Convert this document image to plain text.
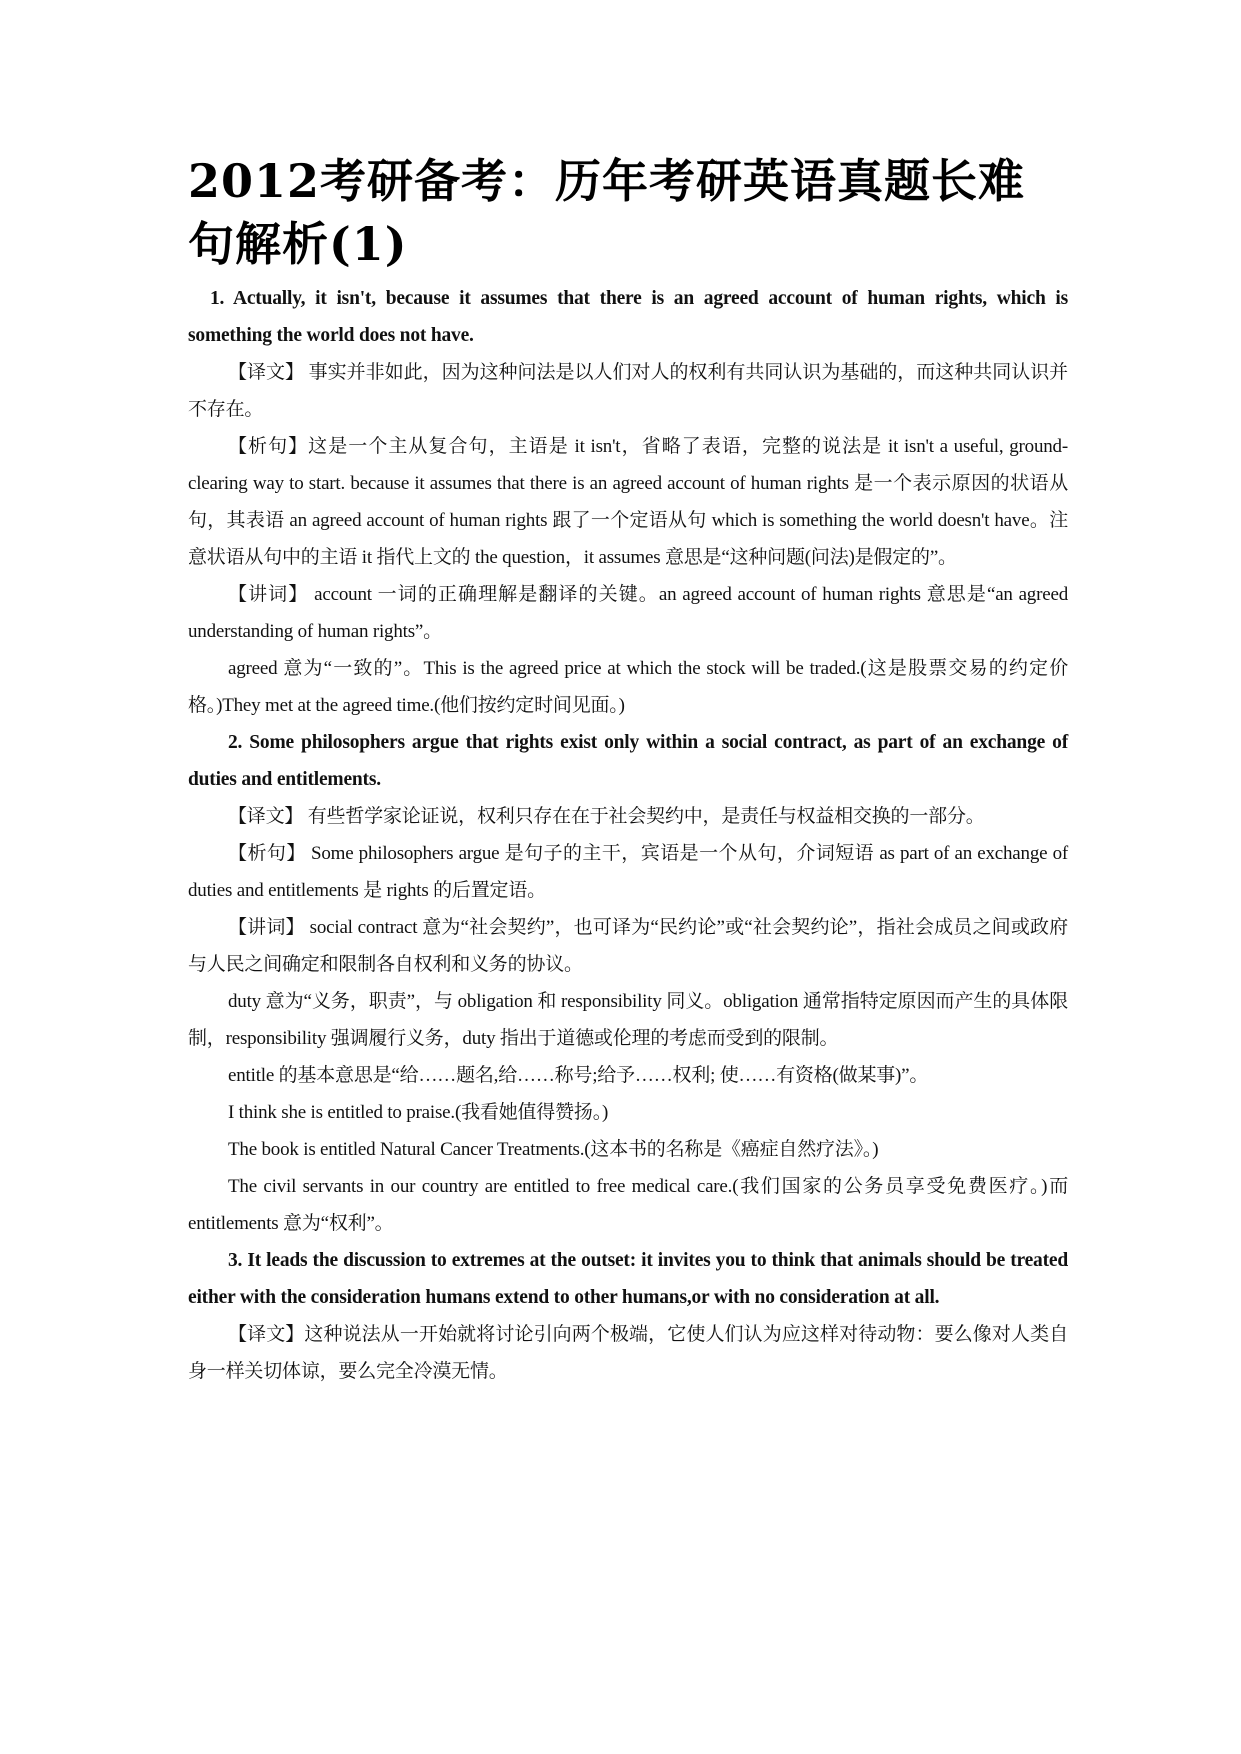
2012考研备考：历年考研英语真题长难句解析(1)

1. Actually, it isn't, because it assumes that there is an agreed account of human rights, which is something the world does not have.

【译文】 事实并非如此，因为这种问法是以人们对人的权利有共同认识为基础的，而这种共同认识并不存在。

【析句】这是一个主从复合句，主语是 it isn't，省略了表语，完整的说法是 it isn't a useful, ground-clearing way to start. because it assumes that there is an agreed account of human rights 是一个表示原因的状语从句，其表语 an agreed account of human rights 跟了一个定语从句 which is something the world doesn't have。注意状语从句中的主语 it 指代上文的 the question，it assumes 意思是“这种问题(问法)是假定的”。

【讲词】 account 一词的正确理解是翻译的关键。an agreed account of human rights 意思是“an agreed understanding of human rights”。

agreed 意为“一致的”。This is the agreed price at which the stock will be traded.(这是股票交易的约定价格。)They met at the agreed time.(他们按约定时间见面。)

2. Some philosophers argue that rights exist only within a social contract, as part of an exchange of duties and entitlements.

【译文】 有些哲学家论证说，权利只存在在于社会契约中，是责任与权益相交换的一部分。

【析句】 Some philosophers argue 是句子的主干，宾语是一个从句，介词短语 as part of an exchange of duties and entitlements 是 rights 的后置定语。

【讲词】 social contract 意为“社会契约”，也可译为“民约论”或“社会契约论”，指社会成员之间或政府与人民之间确定和限制各自权利和义务的协议。

duty 意为“义务，职责”，与 obligation 和 responsibility 同义。obligation 通常指特定原因而产生的具体限制，responsibility 强调履行义务，duty 指出于道德或伦理的考虑而受到的限制。

entitle 的基本意思是“给……题名,给……称号;给予……权利; 使……有资格(做某事)”。

I think she is entitled to praise.(我看她值得赞扬。)

The book is entitled Natural Cancer Treatments.(这本书的名称是《癌症自然疗法》。)

The civil servants in our country are entitled to free medical care.(我们国家的公务员享受免费医疗。)而 entitlements 意为“权利”。

3. It leads the discussion to extremes at the outset: it invites you to think that animals should be treated either with the consideration humans extend to other humans,or with no consideration at all.

【译文】这种说法从一开始就将讨论引向两个极端，它使人们认为应这样对待动物：要么像对人类自身一样关切体谅，要么完全冷漠无情。
